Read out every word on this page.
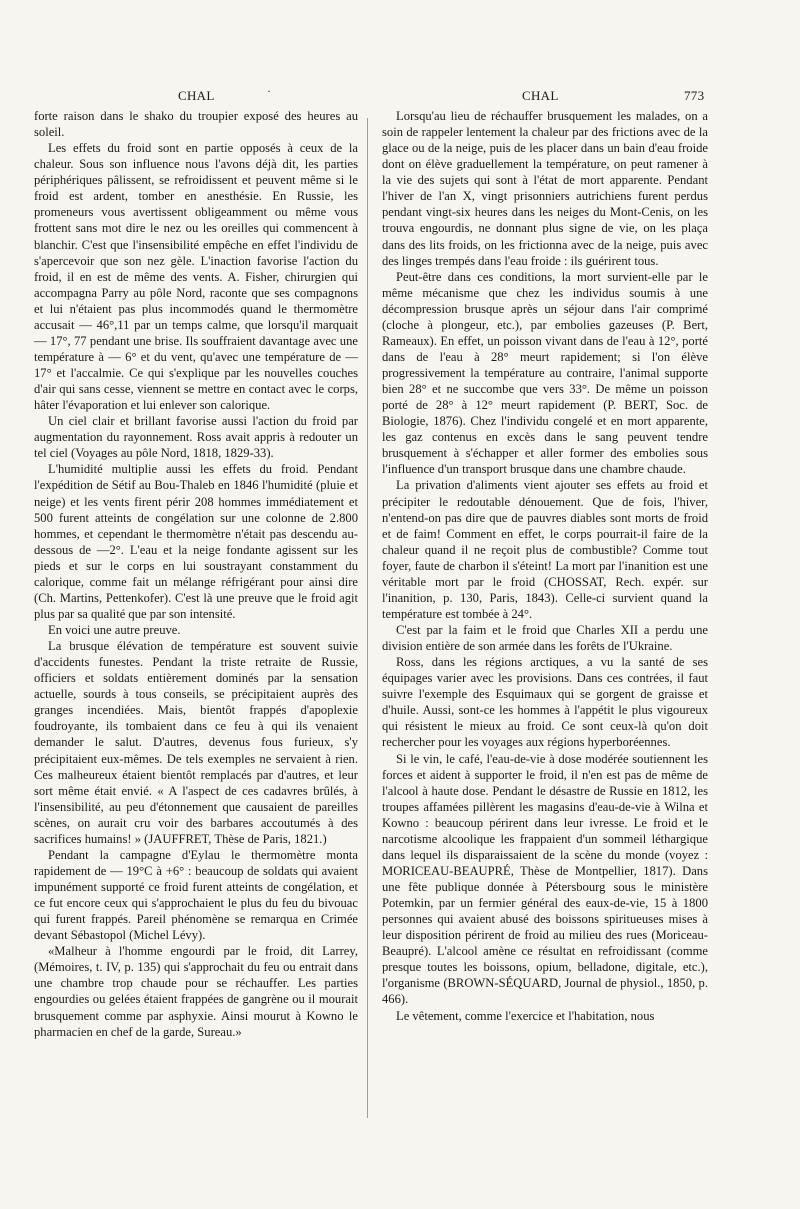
CHAL	·	CHAL	773

forte raison dans le shako du troupier exposé des heures au soleil.

Les effets du froid sont en partie opposés à ceux de la chaleur. Sous son influence nous l'avons déjà dit, les parties périphériques pâlissent, se refroidissent et peuvent même si le froid est ardent, tomber en anesthésie. En Russie, les promeneurs vous avertissent obligeamment ou même vous frottent sans mot dire le nez ou les oreilles qui commencent à blanchir. C'est que l'insensibilité empêche en effet l'individu de s'apercevoir que son nez gèle. L'inaction favorise l'action du froid, il en est de même des vents. A. Fisher, chirurgien qui accompagna Parry au pôle Nord, raconte que ses compagnons et lui n'étaient pas plus incommodés quand le thermomètre accusait — 46°,11 par un temps calme, que lorsqu'il marquait — 17°, 77 pendant une brise. Ils souffraient davantage avec une température à — 6° et du vent, qu'avec une température de — 17° et l'accalmie. Ce qui s'explique par les nouvelles couches d'air qui sans cesse, viennent se mettre en contact avec le corps, hâter l'évaporation et lui enlever son calorique.

Un ciel clair et brillant favorise aussi l'action du froid par augmentation du rayonnement. Ross avait appris à redouter un tel ciel (Voyages au pôle Nord, 1818, 1829-33).

L'humidité multiplie aussi les effets du froid. Pendant l'expédition de Sétif au Bou-Thaleb en 1846 l'humidité (pluie et neige) et les vents firent périr 208 hommes immédiatement et 500 furent atteints de congélation sur une colonne de 2.800 hommes, et cependant le thermomètre n'était pas descendu au-dessous de —2°. L'eau et la neige fondante agissent sur les pieds et sur le corps en lui soustrayant constamment du calorique, comme fait un mélange réfrigérant pour ainsi dire (Ch. Martins, Pettenkofer). C'est là une preuve que le froid agit plus par sa qualité que par son intensité.

En voici une autre preuve.

La brusque élévation de température est souvent suivie d'accidents funestes. Pendant la triste retraite de Russie, officiers et soldats entièrement dominés par la sensation actuelle, sourds à tous conseils, se précipitaient auprès des granges incendiées. Mais, bientôt frappés d'apoplexie foudroyante, ils tombaient dans ce feu à qui ils venaient demander le salut. D'autres, devenus fous furieux, s'y précipitaient eux-mêmes. De tels exemples ne servaient à rien. Ces malheureux étaient bientôt remplacés par d'autres, et leur sort même était envié. « A l'aspect de ces cadavres brûlés, à l'insensibilité, au peu d'étonnement que causaient de pareilles scènes, on aurait cru voir des barbares accoutumés à des sacrifices humains! » (JAUFFRET, Thèse de Paris, 1821.)

Pendant la campagne d'Eylau le thermomètre monta rapidement de — 19°C à +6° : beaucoup de soldats qui avaient impunément supporté ce froid furent atteints de congélation, et ce fut encore ceux qui s'approchaient le plus du feu du bivouac qui furent frappés. Pareil phénomène se remarqua en Crimée devant Sébastopol (Michel Lévy).

«Malheur à l'homme engourdi par le froid, dit Larrey, (Mémoires, t. IV, p. 135) qui s'approchait du feu ou entrait dans une chambre trop chaude pour se réchauffer. Les parties engourdies ou gelées étaient frappées de gangrène ou il mourait brusquement comme par asphyxie. Ainsi mourut à Kowno le pharmacien en chef de la garde, Sureau.»

Lorsqu'au lieu de réchauffer brusquement les malades, on a soin de rappeler lentement la chaleur par des frictions avec de la glace ou de la neige, puis de les placer dans un bain d'eau froide dont on élève graduellement la température, on peut ramener à la vie des sujets qui sont à l'état de mort apparente. Pendant l'hiver de l'an X, vingt prisonniers autrichiens furent perdus pendant vingt-six heures dans les neiges du Mont-Cenis, on les trouva engourdis, ne donnant plus signe de vie, on les plaça dans des lits froids, on les frictionna avec de la neige, puis avec des linges trempés dans l'eau froide : ils guérirent tous.

Peut-être dans ces conditions, la mort survient-elle par le même mécanisme que chez les individus soumis à une décompression brusque après un séjour dans l'air comprimé (cloche à plongeur, etc.), par embolies gazeuses (P. Bert, Rameaux). En effet, un poisson vivant dans de l'eau à 12°, porté dans de l'eau à 28° meurt rapidement; si l'on élève progressivement la température au contraire, l'animal supporte bien 28° et ne succombe que vers 33°. De même un poisson porté de 28° à 12° meurt rapidement (P. BERT, Soc. de Biologie, 1876). Chez l'individu congelé et en mort apparente, les gaz contenus en excès dans le sang peuvent tendre brusquement à s'échapper et aller former des embolies sous l'influence d'un transport brusque dans une chambre chaude.

La privation d'aliments vient ajouter ses effets au froid et précipiter le redoutable dénouement. Que de fois, l'hiver, n'entend-on pas dire que de pauvres diables sont morts de froid et de faim! Comment en effet, le corps pourrait-il faire de la chaleur quand il ne reçoit plus de combustible? Comme tout foyer, faute de charbon il s'éteint! La mort par l'inanition est une véritable mort par le froid (CHOSSAT, Rech. expér. sur l'inanition, p. 130, Paris, 1843). Celle-ci survient quand la température est tombée à 24°.

C'est par la faim et le froid que Charles XII a perdu une division entière de son armée dans les forêts de l'Ukraine.

Ross, dans les régions arctiques, a vu la santé de ses équipages varier avec les provisions. Dans ces contrées, il faut suivre l'exemple des Esquimaux qui se gorgent de graisse et d'huile. Aussi, sont-ce les hommes à l'appétit le plus vigoureux qui résistent le mieux au froid. Ce sont ceux-là qu'on doit rechercher pour les voyages aux régions hyperboréennes.

Si le vin, le café, l'eau-de-vie à dose modérée soutiennent les forces et aident à supporter le froid, il n'en est pas de même de l'alcool à haute dose. Pendant le désastre de Russie en 1812, les troupes affamées pillèrent les magasins d'eau-de-vie à Wilna et Kowno : beaucoup périrent dans leur ivresse. Le froid et le narcotisme alcoolique les frappaient d'un sommeil léthargique dans lequel ils disparaissaient de la scène du monde (voyez : MORICEAU-BEAUPRÉ, Thèse de Montpellier, 1817). Dans une fête publique donnée à Pétersbourg sous le ministère Potemkin, par un fermier général des eaux-de-vie, 15 à 1800 personnes qui avaient abusé des boissons spiritueuses mises à leur disposition périrent de froid au milieu des rues (Moriceau-Beaupré). L'alcool amène ce résultat en refroidissant (comme presque toutes les boissons, opium, belladone, digitale, etc.), l'organisme (BROWN-SÉQUARD, Journal de physiol., 1850, p. 466).

Le vêtement, comme l'exercice et l'habitation, nous
